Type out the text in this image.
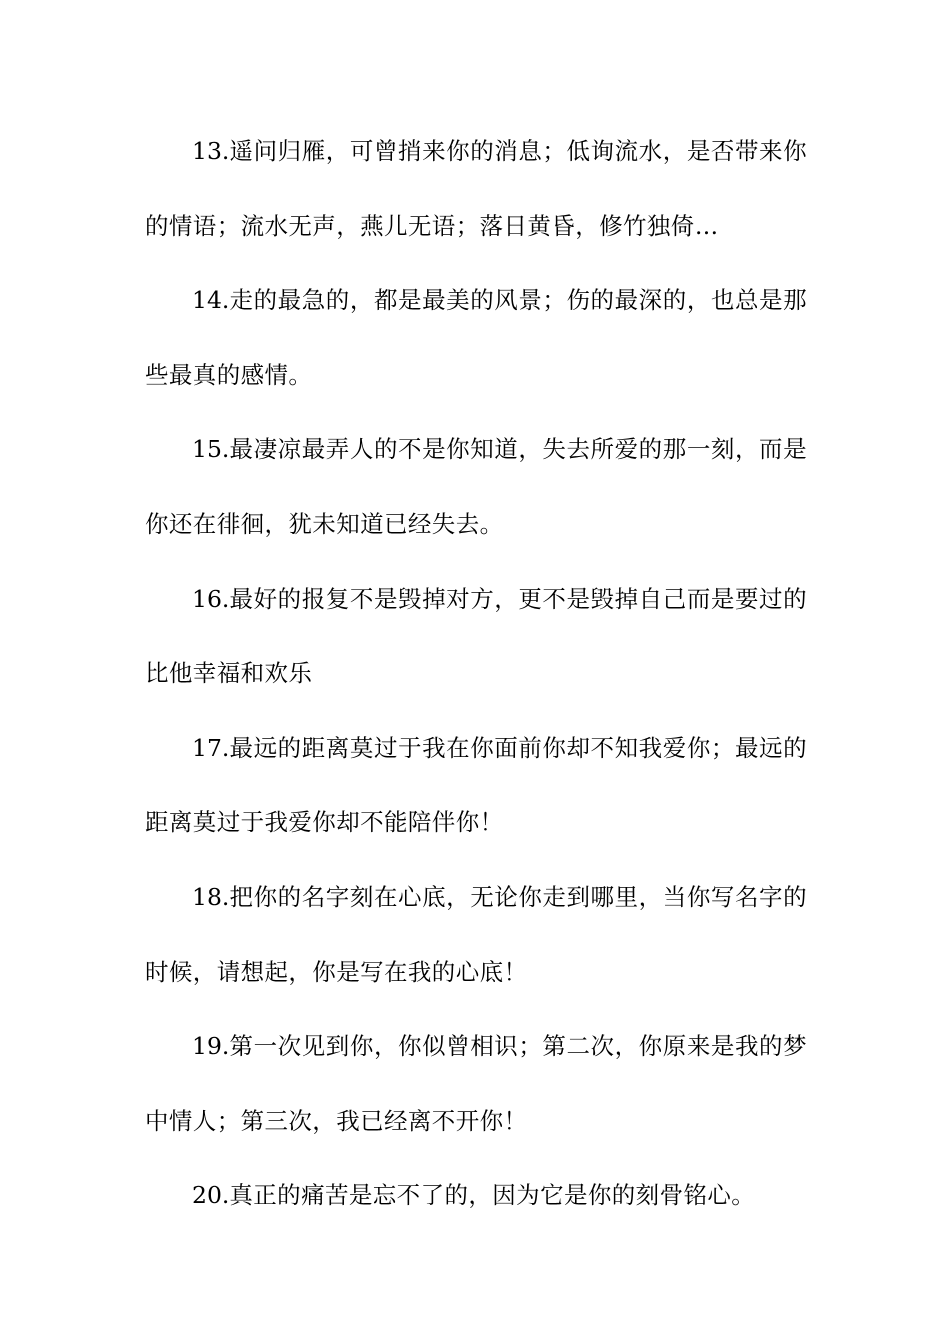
13.遥问归雁，可曾捎来你的消息；低询流水，是否带来你的情语；流水无声，燕儿无语；落日黄昏，修竹独倚…

14.走的最急的，都是最美的风景；伤的最深的，也总是那些最真的感情。

15.最凄凉最弄人的不是你知道，失去所爱的那一刻，而是你还在徘徊，犹未知道已经失去。

16.最好的报复不是毁掉对方，更不是毁掉自己而是要过的比他幸福和欢乐

17.最远的距离莫过于我在你面前你却不知我爱你；最远的距离莫过于我爱你却不能陪伴你！

18.把你的名字刻在心底，无论你走到哪里，当你写名字的时候，请想起，你是写在我的心底！

19.第一次见到你，你似曾相识；第二次，你原来是我的梦中情人；第三次，我已经离不开你！

20.真正的痛苦是忘不了的，因为它是你的刻骨铭心。
